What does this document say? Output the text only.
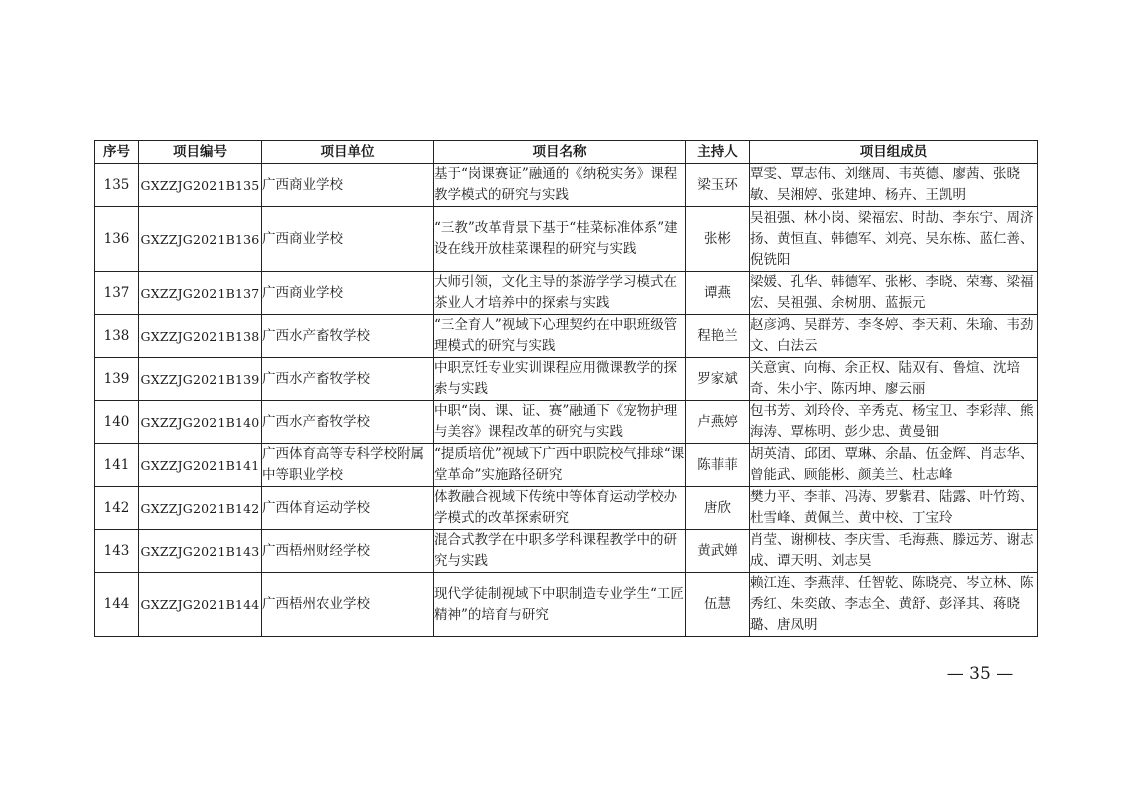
序号	项目编号	项目单位	项目名称	主持人	项目组成员
135	GXZZJG2021B135	广西商业学校	基于“岗课赛证”融通的《纳税实务》课程教学模式的研究与实践	梁玉环	覃雯、覃志伟、刘继周、韦英德、廖茜、张晓敏、吴湘婷、张建坤、杨卉、王凯明
136	GXZZJG2021B136	广西商业学校	“三教”改革背景下基于“桂菜标准体系”建设在线开放桂菜课程的研究与实践	张彬	吴祖强、林小岗、梁福宏、时劼、李东宁、周济扬、黄恒直、韩德军、刘亮、吴东栋、蓝仁善、倪铣阳
137	GXZZJG2021B137	广西商业学校	大师引领，文化主导的茶游学学习模式在茶业人才培养中的探索与实践	谭燕	梁媛、孔华、韩德军、张彬、李晓、荣骞、梁福宏、吴祖强、余树朋、蓝振元
138	GXZZJG2021B138	广西水产畜牧学校	“三全育人”视域下心理契约在中职班级管理模式的研究与实践	程艳兰	赵彦鸿、吴群芳、李冬婷、李天莉、朱瑜、韦劲文、白法云
139	GXZZJG2021B139	广西水产畜牧学校	中职烹饪专业实训课程应用微课教学的探索与实践	罗家斌	关意寅、向梅、余正权、陆双有、鲁煊、沈培奇、朱小宇、陈丙坤、廖云丽
140	GXZZJG2021B140	广西水产畜牧学校	中职“岗、课、证、赛”融通下《宠物护理与美容》课程改革的研究与实践	卢燕婷	包书芳、刘玲伶、辛秀克、杨宝卫、李彩萍、熊海涛、覃栋明、彭少忠、黄曼钿
141	GXZZJG2021B141	广西体育高等专科学校附属中等职业学校	“提质培优”视域下广西中职院校气排球“课堂革命”实施路径研究	陈菲菲	胡英清、邱团、覃琳、余晶、伍金辉、肖志华、曾能武、顾能彬、颜美兰、杜志峰
142	GXZZJG2021B142	广西体育运动学校	体教融合视域下传统中等体育运动学校办学模式的改革探索研究	唐欣	樊力平、李菲、冯涛、罗紫君、陆露、叶竹筠、杜雪峰、黄佩兰、黄中校、丁宝玲
143	GXZZJG2021B143	广西梧州财经学校	混合式教学在中职多学科课程教学中的研究与实践	黄武婵	肖莹、谢柳枝、李庆雪、毛海燕、滕远芳、谢志成、谭天明、刘志昊
144	GXZZJG2021B144	广西梧州农业学校	现代学徒制视域下中职制造专业学生“工匠精神”的培育与研究	伍慧	赖江连、李燕萍、任智乾、陈晓亮、岑立林、陈秀红、朱奕啟、李志全、黄舒、彭泽其、蒋晓璐、唐凤明
— 35 —
